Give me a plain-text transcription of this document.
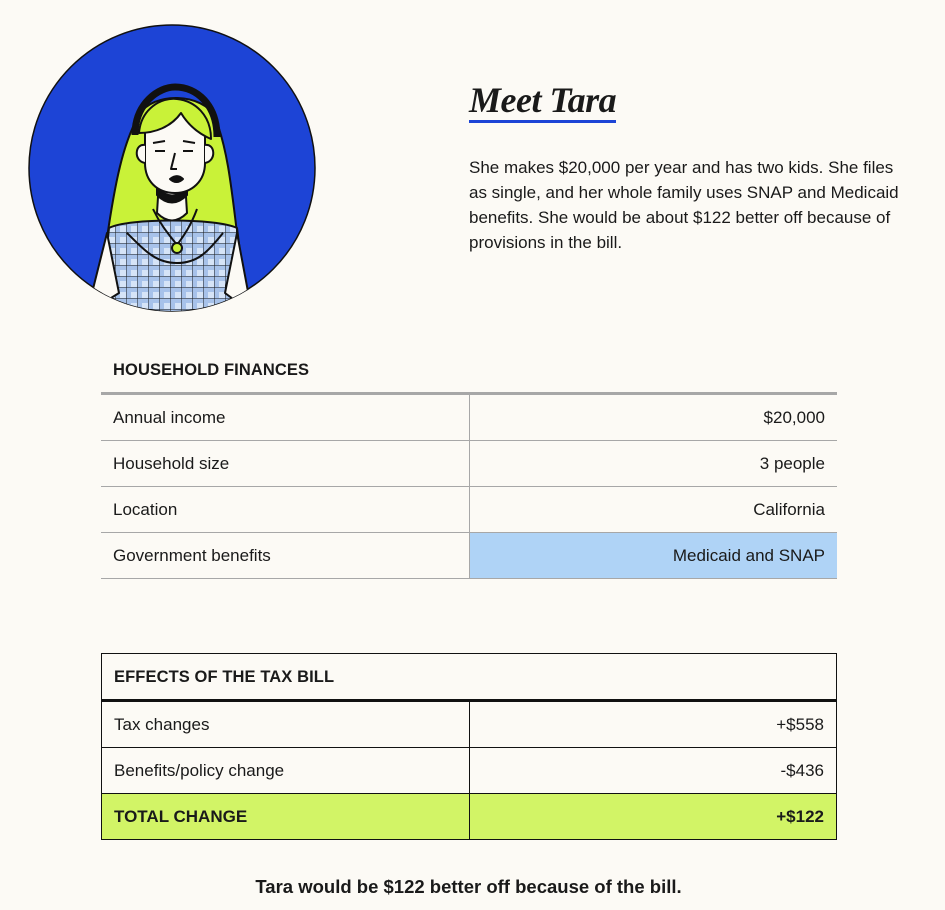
Meet Tara

She makes $20,000 per year and has two kids. She files as single, and her whole family uses SNAP and Medicaid benefits. She would be about $122 better off because of provisions in the bill.

HOUSEHOLD FINANCES
Annual income	$20,000
Household size	3 people
Location	California
Government benefits	Medicaid and SNAP
EFFECTS OF THE TAX BILL
Tax changes	+$558
Benefits/policy change	-$436
TOTAL CHANGE	+$122
Tara would be $122 better off because of the bill.
